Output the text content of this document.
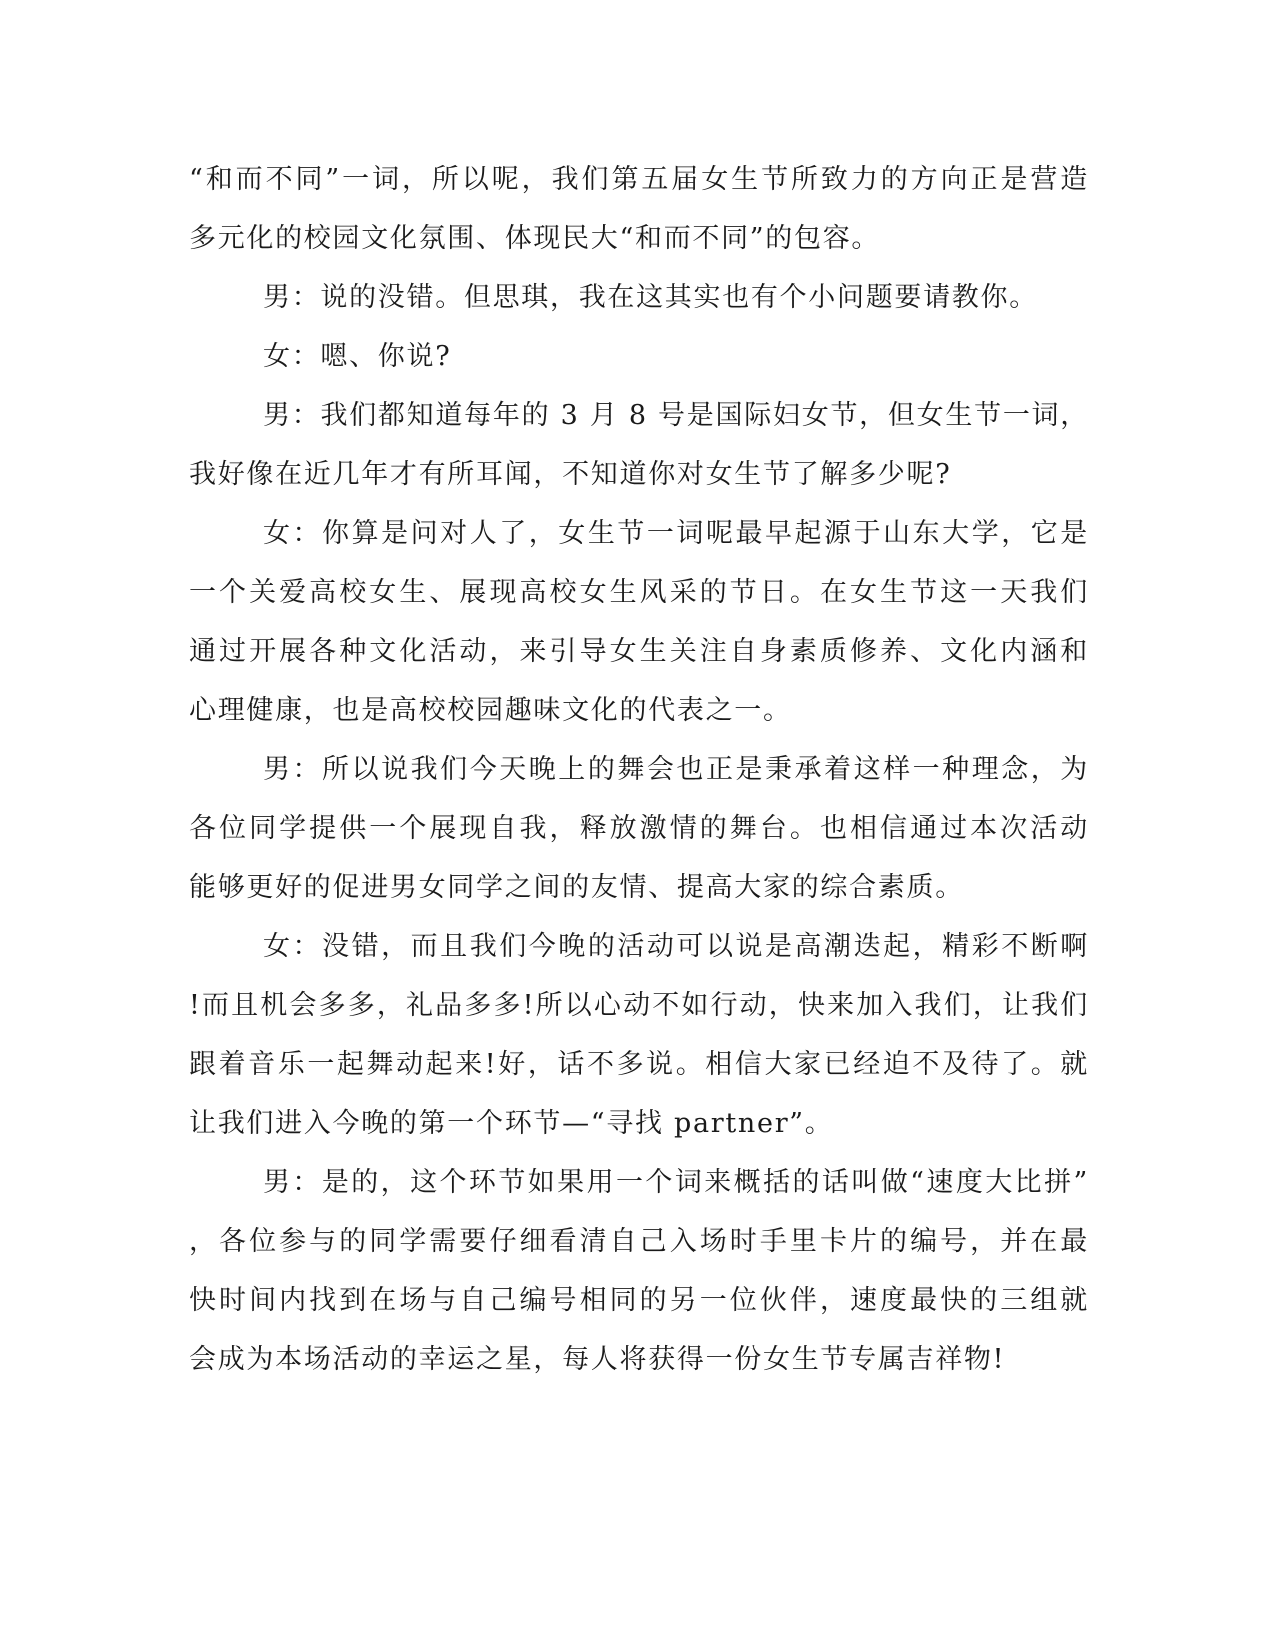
“和而不同”一词，所以呢，我们第五届女生节所致力的方向正是营造
多元化的校园文化氛围、体现民大“和而不同”的包容。
男：说的没错。但思琪，我在这其实也有个小问题要请教你。
女：嗯、你说?
男：我们都知道每年的 3 月 8 号是国际妇女节，但女生节一词，
我好像在近几年才有所耳闻，不知道你对女生节了解多少呢?
女：你算是问对人了，女生节一词呢最早起源于山东大学，它是
一个关爱高校女生、展现高校女生风采的节日。在女生节这一天我们
通过开展各种文化活动，来引导女生关注自身素质修养、文化内涵和
心理健康，也是高校校园趣味文化的代表之一。
男：所以说我们今天晚上的舞会也正是秉承着这样一种理念，为
各位同学提供一个展现自我，释放激情的舞台。也相信通过本次活动
能够更好的促进男女同学之间的友情、提高大家的综合素质。
女：没错，而且我们今晚的活动可以说是高潮迭起，精彩不断啊
!而且机会多多，礼品多多!所以心动不如行动，快来加入我们，让我们
跟着音乐一起舞动起来!好，话不多说。相信大家已经迫不及待了。就
让我们进入今晚的第一个环节—“寻找 partner”。
男：是的，这个环节如果用一个词来概括的话叫做“速度大比拼”
，各位参与的同学需要仔细看清自己入场时手里卡片的编号，并在最
快时间内找到在场与自己编号相同的另一位伙伴，速度最快的三组就
会成为本场活动的幸运之星，每人将获得一份女生节专属吉祥物!
